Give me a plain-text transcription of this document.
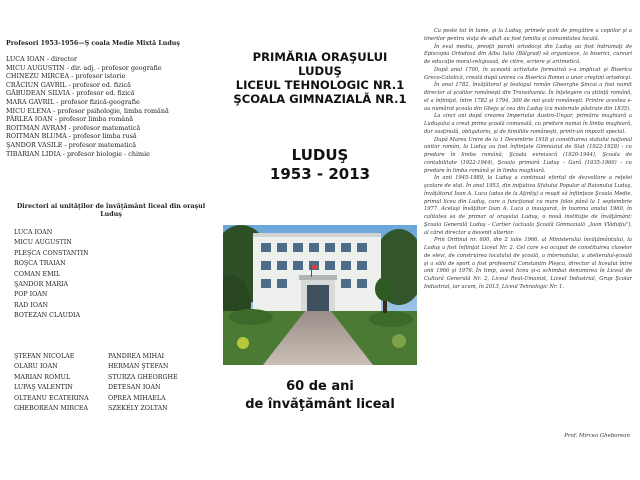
Profesori 1953-1956—Ş coala Medie Mixtă Luduş
LUCA IOAN - director
MICU AUGUSTIN - dir. adj. - profesor geografie
CHINEZU MIRCEA - profesor istorie
CRĂCIUN GAVRIL - profesor ed. fizică
GĂBUDEAN SILVIA - profesor ed. fizică
MARA GAVRIL - profesor fizică-geografie
MICU ELENA - profesor psihologie, limba română
PÂRLEA IOAN - profesor limba română
ROITMAN AVRAM - profesor matematică
ROITMAN BLUMA - profesor limba rusă
ŞANDOR VASILE - profesor matematică
TIBARIAN LIDIA - profesor biologie - chimie
Directori ai unităţilor de învăţământ liceal din oraşul
Luduş
LUCA IOAN
MICU AUGUSTIN
PLEŞCA CONSTANTIN
ROŞCA TRAIAN
COMAN EMIL
ŞANDOR MARIA
POP IOAN
RAD IOAN
BOTEZAN CLAUDIA
ŞTEFAN NICOLAE	PANDREA MIHAI
OLARU IOAN	HERMAN ŞTEFAN
MARIAN ROMUL	STURZA GHEORGHE
LUPAŞ VALENTIN	DETESAN IOAN
OLTEANU ECATERINA	OPREA MIHAELA
GHEBOREAN MIRCEA	SZEKELY ZOLTAN
PRIMĂRIA ORAŞULUI
LUDUŞ
LICEUL TEHNOLOGIC NR.1
ŞCOALA GIMNAZIALĂ NR.1
LUDUŞ
1953 - 2013
60 de ani
de învăţământ liceal

Ca peste tot în lume, şi la Luduş, primele şcoli de pregătire a copiilor şi a tinerilor pentru viaţa de adult au fost familia şi comunitatea locală.

În evul mediu, preoţii parohi ortodocşi din Luduş au fost îndrumaţi de Episcopia Ortodoxă din Alba Iulia (Bălgrad) să organizeze, la biserici, cursuri de educaţie moral-religioasă, de citire, scriere şi aritmetică.

După anul 1700, în această activitate formativă s-a implicat şi Biserica Greco-Catolică, creată după unirea cu Biserica Romei a unor creştini ortodocşi.

În anul 1782, învăţătorul şi teologul român Gheorghe Şincai a fost numit director al şcolilor româneşti din Transilvania. În înţelegere cu ştiinţă română, el a înfiinţat, între 1782 şi 1794, 300 de noi şcoli româneşti. Printre acestea s-au numărat şcoala din Gheja şi cea din Luduş (cu materiale păstrate din 1835).

La cinci ani după crearea Imperiului Austro-Ungar, primăria maghiară a Luduşului a creat prima şcoală comunală, cu predare numai în limba maghiară, dar susţinută, obligatoriu, şi de familiile româneşti, printr-un impozit special.

După Marea Unire de la 1 Decembrie 1918 şi constituirea statului naţional unitar român, la Luduş au fost înfiinţate Gimnaziul de Stat (1922-1928) - cu predare în limba română, Şcoala evreiască (1920-1944), Şcoala de contabilitate (1922-1944), Şcoala primară Luduş - Gară (1935-1960) - cu predare în limba română şi în limba maghiară.

În anii 1945-1989, la Luduş a continuat efortul de dezvoltare a reţelei şcolare de stat. În anul 1953, din iniţiativa Sfatului Popular al Raionului Luduş, învăţătorul Ioan A. Luca (adus de la Aţintiş) a reuşit să înfiinţeze Şcoala Medie, primul liceu din Luduş, care a funcţionat cu mare folos până la 1 septembrie 1977. Acelaşi învăţător Ioan A. Luca a inaugurat, în toamna anului 1960, în calitatea sa de primar al oraşului Luduş, o nouă instituţie de învăţământ: Şcoala Generală Luduş - Cartier (actuala Şcoală Gimnazială „Ioan Vlăduţiu"), al cărei director a devenit ulterior.

Prin Ordinul nr. 600, din 2 iulie 1966, al Ministerului învăţământului, la Luduş a fost înfiinţat Liceul Nr. 2. Cel care s-a ocupat de constituirea claselor de elevi, de construirea localului de şcoală, a internatului, a atelierului-şcoală şi a sălii de sport a fost profesorul Constantin Pleşca, director al liceului între anii 1966 şi 1976. În timp, acest liceu şi-a schimbat denumirea în Liceul de Cultură Generală Nr. 2, Liceul Real-Umanist, Liceul Industrial, Grup Şcolar Industrial, iar acum, în 2013, Liceul Tehnologic Nr. 1.

Prof. Mircea Gheborean
